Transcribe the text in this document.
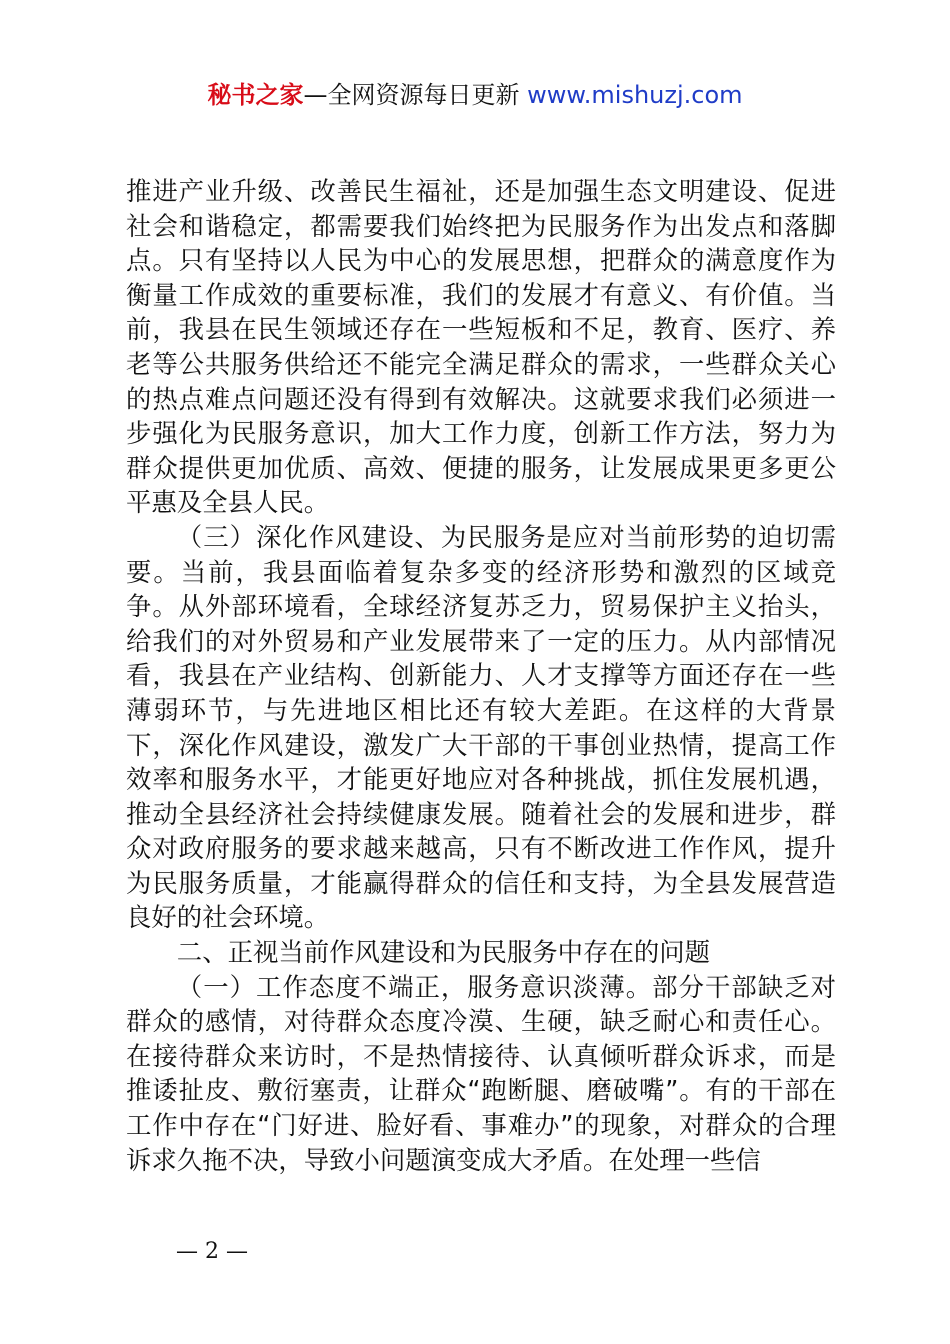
秘书之家—全网资源每日更新 www.mishuzj.com

推进产业升级、改善民生福祉，还是加强生态文明建设、促进社会和谐稳定，都需要我们始终把为民服务作为出发点和落脚点。只有坚持以人民为中心的发展思想，把群众的满意度作为衡量工作成效的重要标准，我们的发展才有意义、有价值。当前，我县在民生领域还存在一些短板和不足，教育、医疗、养老等公共服务供给还不能完全满足群众的需求，一些群众关心的热点难点问题还没有得到有效解决。这就要求我们必须进一步强化为民服务意识，加大工作力度，创新工作方法，努力为群众提供更加优质、高效、便捷的服务，让发展成果更多更公平惠及全县人民。

（三）深化作风建设、为民服务是应对当前形势的迫切需要。当前，我县面临着复杂多变的经济形势和激烈的区域竞争。从外部环境看，全球经济复苏乏力，贸易保护主义抬头，给我们的对外贸易和产业发展带来了一定的压力。从内部情况看，我县在产业结构、创新能力、人才支撑等方面还存在一些薄弱环节，与先进地区相比还有较大差距。在这样的大背景下，深化作风建设，激发广大干部的干事创业热情，提高工作效率和服务水平，才能更好地应对各种挑战，抓住发展机遇，推动全县经济社会持续健康发展。随着社会的发展和进步，群众对政府服务的要求越来越高，只有不断改进工作作风，提升为民服务质量，才能赢得群众的信任和支持，为全县发展营造良好的社会环境。

二、正视当前作风建设和为民服务中存在的问题

（一）工作态度不端正，服务意识淡薄。部分干部缺乏对群众的感情，对待群众态度冷漠、生硬，缺乏耐心和责任心。在接待群众来访时，不是热情接待、认真倾听群众诉求，而是推诿扯皮、敷衍塞责，让群众“跑断腿、磨破嘴”。有的干部在工作中存在“门好进、脸好看、事难办”的现象，对群众的合理诉求久拖不决，导致小问题演变成大矛盾。在处理一些信

— 2 —
